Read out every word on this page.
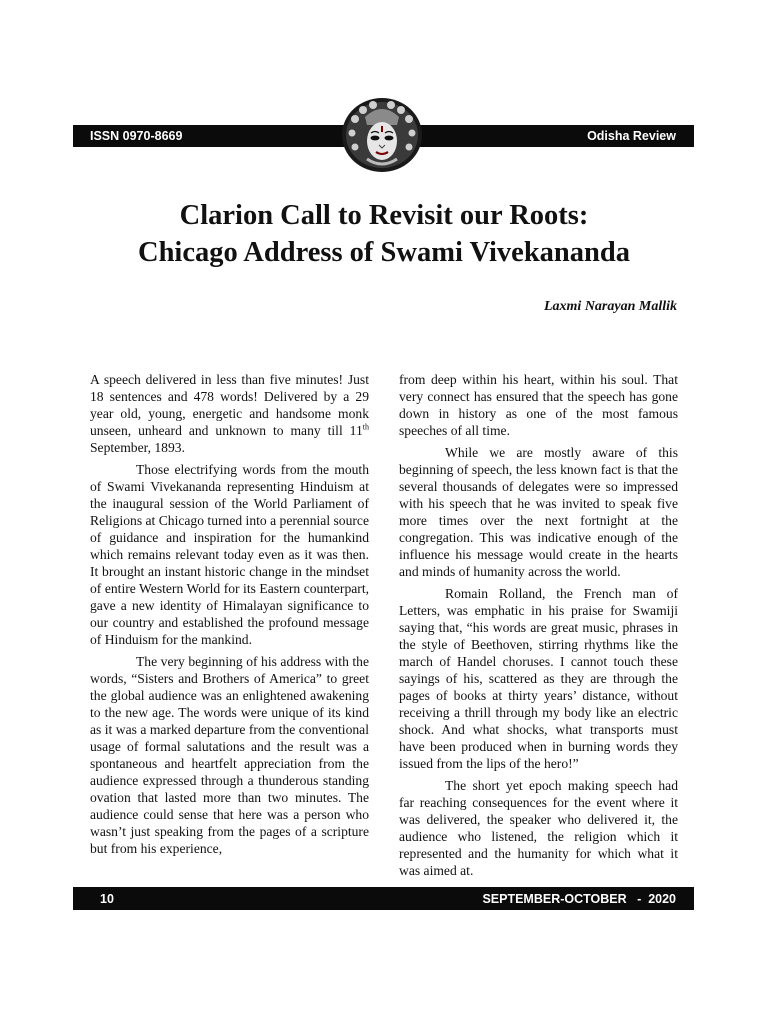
ISSN 0970-8669	Odisha Review
Clarion Call to Revisit our Roots:
Chicago Address of Swami Vivekananda
Laxmi Narayan Mallik

A speech delivered in less than five minutes! Just 18 sentences and 478 words! Delivered by a 29 year old, young, energetic and handsome monk unseen, unheard and unknown to many till 11th September, 1893.

Those electrifying words from the mouth of Swami Vivekananda representing Hinduism at the inaugural session of the World Parliament of Religions at Chicago turned into a perennial source of guidance and inspiration for the humankind which remains relevant today even as it was then. It brought an instant historic change in the mindset of entire Western World for its Eastern counterpart, gave a new identity of Himalayan significance to our country and established the profound message of Hinduism for the mankind.

The very beginning of his address with the words, “Sisters and Brothers of America” to greet the global audience was an enlightened awakening to the new age. The words were unique of its kind as it was a marked departure from the conventional usage of formal salutations and the result was a spontaneous and heartfelt appreciation from the audience expressed through a thunderous standing ovation that lasted more than two minutes. The audience could sense that here was a person who wasn’t just speaking from the pages of a scripture but from his experience,

from deep within his heart, within his soul. That very connect has ensured that the speech has gone down in history as one of the most famous speeches of all time.

While we are mostly aware of this beginning of speech, the less known fact is that the several thousands of delegates were so impressed with his speech that he was invited to speak five more times over the next fortnight at the congregation. This was indicative enough of the influence his message would create in the hearts and minds of humanity across the world.

Romain Rolland, the French man of Letters, was emphatic in his praise for Swamiji saying that, “his words are great music, phrases in the style of Beethoven, stirring rhythms like the march of Handel choruses. I cannot touch these sayings of his, scattered as they are through the pages of books at thirty years’ distance, without receiving a thrill through my body like an electric shock. And what shocks, what transports must have been produced when in burning words they issued from the lips of the hero!”

The short yet epoch making speech had far reaching consequences for the event where it was delivered, the speaker who delivered it, the audience who listened, the religion which it represented and the humanity for which what it was aimed at.

10	SEPTEMBER-OCTOBER   -  2020
